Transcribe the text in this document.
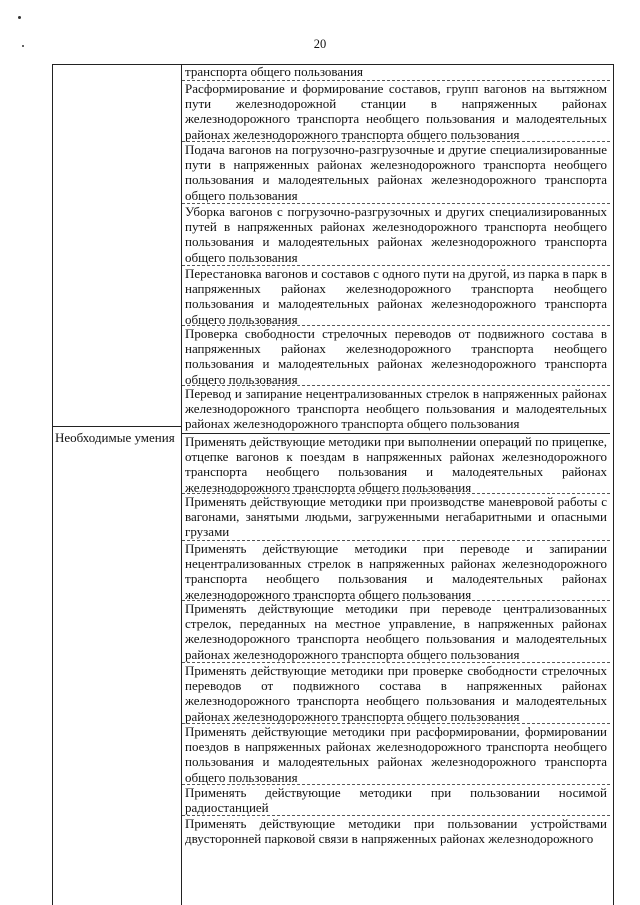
20
Необходимые умения
транспорта общего пользования
Расформирование и формирование составов, групп вагонов на вытяжном пути железнодорожной станции в напряженных районах железнодорожного транспорта необщего пользования и малодеятельных районах железнодорожного транспорта общего пользования
Подача вагонов на погрузочно-разгрузочные и другие специализированные пути в напряженных районах железнодорожного транспорта необщего пользования и малодеятельных районах железнодорожного транспорта общего пользования
Уборка вагонов с погрузочно-разгрузочных и других специализированных путей в напряженных районах железнодорожного транспорта необщего пользования и малодеятельных районах железнодорожного транспорта общего пользования
Перестановка вагонов и составов с одного пути на другой, из парка в парк в напряженных районах железнодорожного транспорта необщего пользования и малодеятельных районах железнодорожного транспорта общего пользования
Проверка свободности стрелочных переводов от подвижного состава в напряженных районах железнодорожного транспорта необщего пользования и малодеятельных районах железнодорожного транспорта общего пользования
Перевод и запирание нецентрализованных стрелок в напряженных районах железнодорожного транспорта необщего пользования и малодеятельных районах железнодорожного транспорта общего пользования
Применять действующие методики при выполнении операций по прицепке, отцепке вагонов к поездам в напряженных районах железнодорожного транспорта необщего пользования и малодеятельных районах железнодорожного транспорта общего пользования
Применять действующие методики при производстве маневровой работы с вагонами, занятыми людьми, загруженными негабаритными и опасными грузами
Применять действующие методики при переводе и запирании нецентрализованных стрелок в напряженных районах железнодорожного транспорта необщего пользования и малодеятельных районах железнодорожного транспорта общего пользования
Применять действующие методики при переводе централизованных стрелок, переданных на местное управление, в напряженных районах железнодорожного транспорта необщего пользования и малодеятельных районах железнодорожного транспорта общего пользования
Применять действующие методики при проверке свободности стрелочных переводов от подвижного состава в напряженных районах железнодорожного транспорта необщего пользования и малодеятельных районах железнодорожного транспорта общего пользования
Применять действующие методики при расформировании, формировании поездов в напряженных районах железнодорожного транспорта необщего пользования и малодеятельных районах железнодорожного транспорта общего пользования
Применять действующие методики при пользовании носимой радиостанцией
Применять действующие методики при пользовании устройствами двусторонней парковой связи в напряженных районах железнодорожного
